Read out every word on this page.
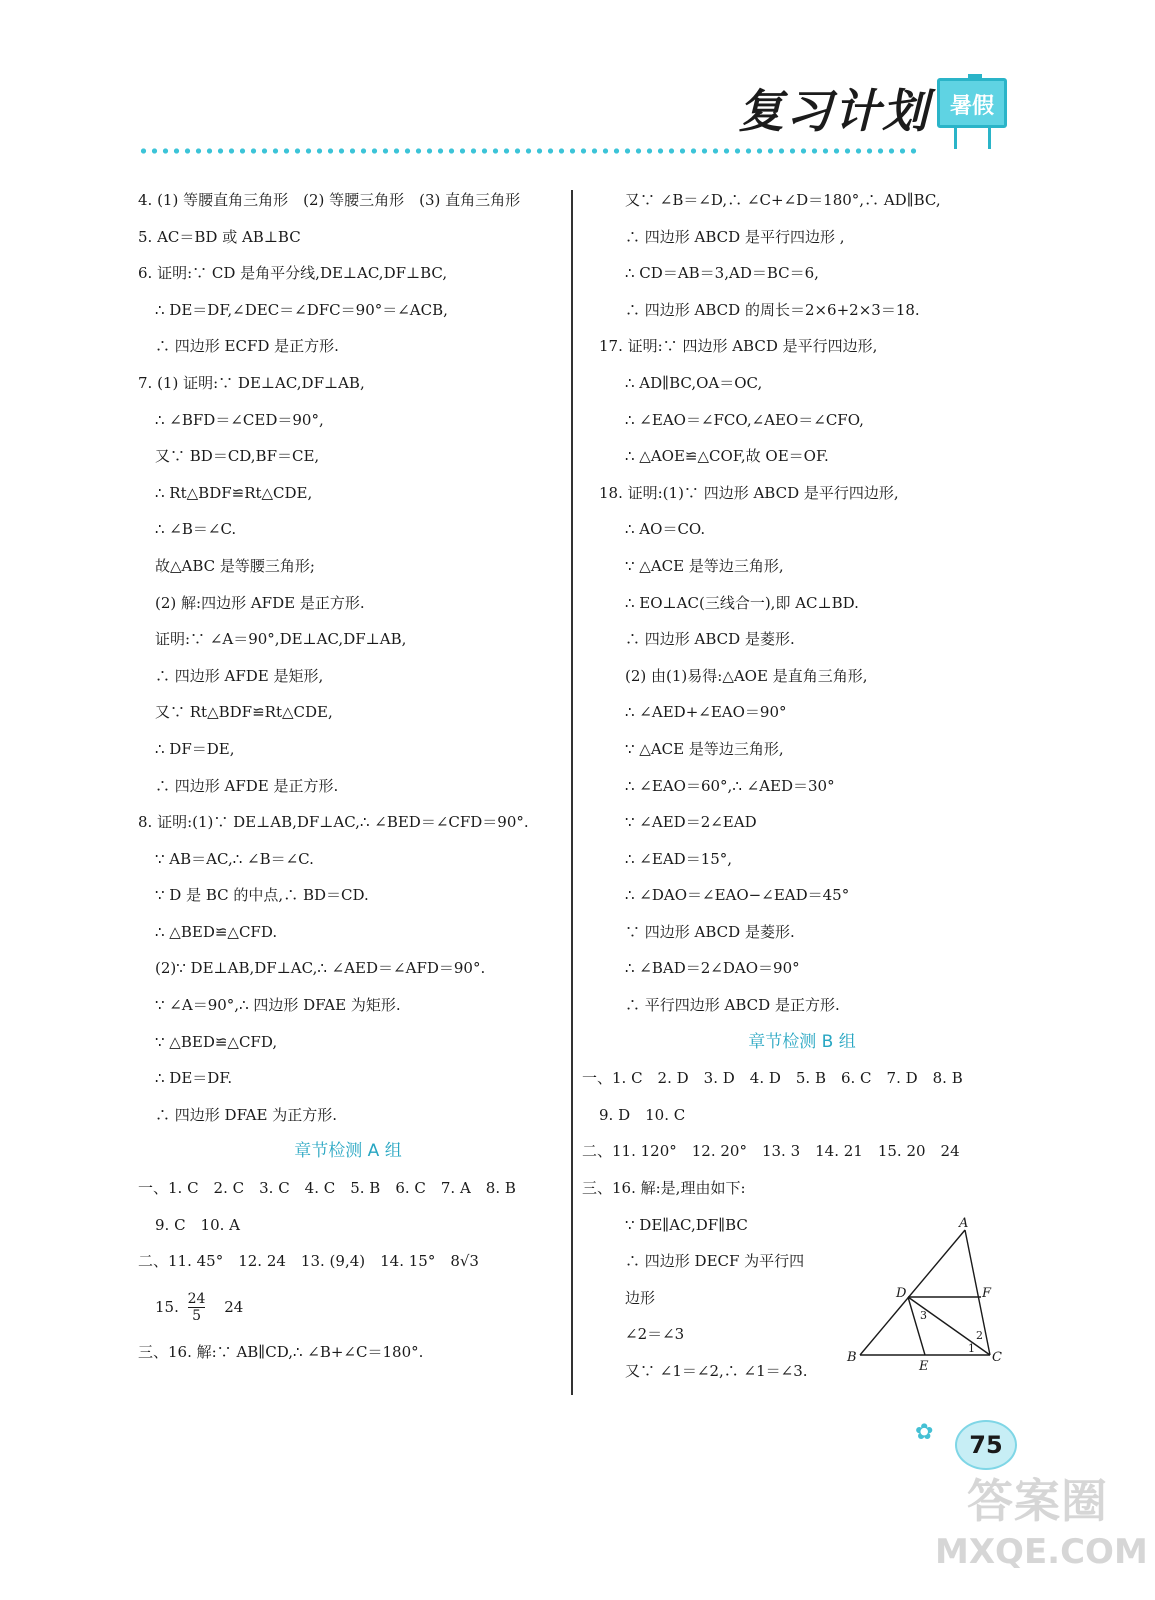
复习计划 暑假
4. (1) 等腰直角三角形　(2) 等腰三角形　(3) 直角三角形
5. AC＝BD 或 AB⊥BC
6. 证明:∵ CD 是角平分线,DE⊥AC,DF⊥BC,
∴ DE＝DF,∠DEC＝∠DFC＝90°＝∠ACB,
∴ 四边形 ECFD 是正方形.
7. (1) 证明:∵ DE⊥AC,DF⊥AB,
∴ ∠BFD＝∠CED＝90°,
又∵ BD＝CD,BF＝CE,
∴ Rt△BDF≌Rt△CDE,
∴ ∠B＝∠C.
故△ABC 是等腰三角形;
(2) 解:四边形 AFDE 是正方形.
证明:∵ ∠A＝90°,DE⊥AC,DF⊥AB,
∴ 四边形 AFDE 是矩形,
又∵ Rt△BDF≌Rt△CDE,
∴ DF＝DE,
∴ 四边形 AFDE 是正方形.
8. 证明:(1)∵ DE⊥AB,DF⊥AC,∴ ∠BED＝∠CFD＝90°.
∵ AB＝AC,∴ ∠B＝∠C.
∵ D 是 BC 的中点,∴ BD＝CD.
∴ △BED≌△CFD.
(2)∵ DE⊥AB,DF⊥AC,∴ ∠AED＝∠AFD＝90°.
∵ ∠A＝90°,∴ 四边形 DFAE 为矩形.
∵ △BED≌△CFD,
∴ DE＝DF.
∴ 四边形 DFAE 为正方形.
章节检测 A 组
一、1. C　2. C　3. C　4. C　5. B　6. C　7. A　8. B
9. C　10. A
二、11. 45°　12. 24　13. (9,4)　14. 15°　8√3
15. $\frac{24}{5} 24$
三、16. 解:∵ AB∥CD,∴ ∠B+∠C＝180°.
又∵ ∠B＝∠D,∴ ∠C+∠D＝180°,∴ AD∥BC,
∴ 四边形 ABCD 是平行四边形 ,
∴ CD＝AB＝3,AD＝BC＝6,
∴ 四边形 ABCD 的周长＝2×6+2×3＝18.
17. 证明:∵ 四边形 ABCD 是平行四边形,
∴ AD∥BC,OA＝OC,
∴ ∠EAO＝∠FCO,∠AEO＝∠CFO,
∴ △AOE≌△COF,故 OE＝OF.
18. 证明:(1)∵ 四边形 ABCD 是平行四边形,
∴ AO＝CO.
∵ △ACE 是等边三角形,
∴ EO⊥AC(三线合一),即 AC⊥BD.
∴ 四边形 ABCD 是菱形.
(2) 由(1)易得:△AOE 是直角三角形,
∴ ∠AED+∠EAO＝90°
∵ △ACE 是等边三角形,
∴ ∠EAO＝60°,∴ ∠AED＝30°
∵ ∠AED＝2∠EAD
∴ ∠EAD＝15°,
∴ ∠DAO＝∠EAO−∠EAD＝45°
∵ 四边形 ABCD 是菱形.
∴ ∠BAD＝2∠DAO＝90°
∴ 平行四边形 ABCD 是正方形.
章节检测 B 组
一、1. C　2. D　3. D　4. D　5. B　6. C　7. D　8. B
9. D　10. C
二、11. 120°　12. 20°　13. 3　14. 21　15. 20　24
三、16. 解:是,理由如下:
∵ DE∥AC,DF∥BC
∴ 四边形 DECF 为平行四
边形
∠2＝∠3
又∵ ∠1＝∠2,∴ ∠1＝∠3.
A
B	C
D
E
F
1
2
3
✿	75
答案圈
MXQE.COM
